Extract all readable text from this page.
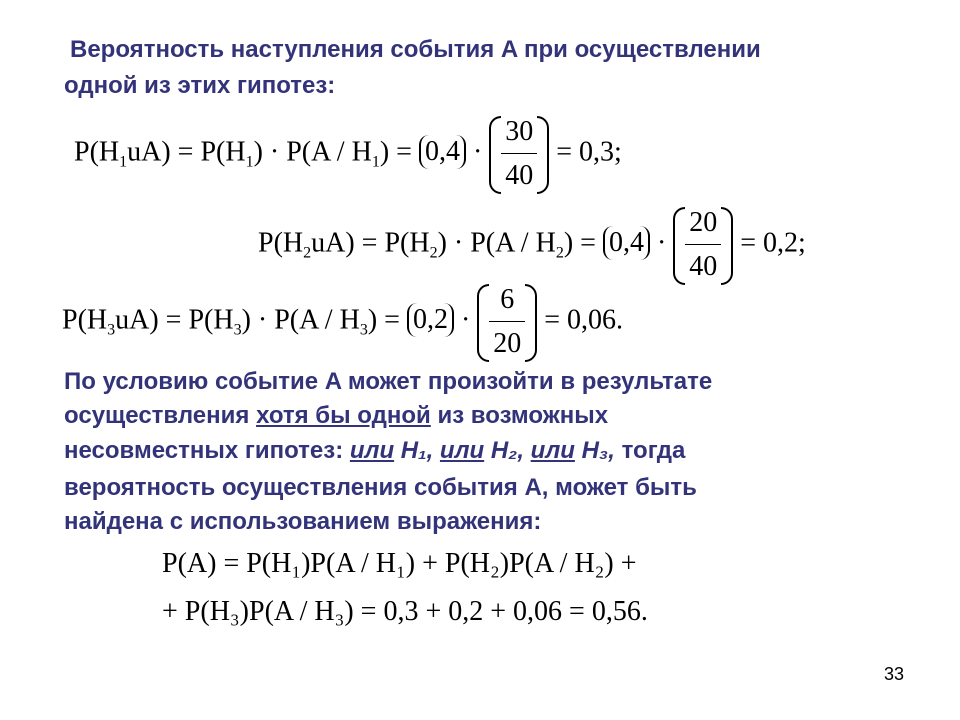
Вероятность наступления события A при осуществлении
одной из этих гипотез:
$P(H_1uA) = P(H_1) \cdot P(A / H_1) = 0,4 \cdot \frac{30}{40} = 0,3$;
$P(H_2uA) = P(H_2) \cdot P(A / H_2) = 0,4 \cdot \frac{20}{40} = 0,2$;
$P(H_3uA) = P(H_3) \cdot P(A / H_3) = 0,2 \cdot \frac{6}{20} = 0,06$.
По условию событие A может произойти в результате
осуществления хотя бы одной из возможных
несовместных гипотез: или H₁, или H₂, или H₃, тогда
вероятность осуществления события A, может быть
найдена с использованием выражения:
P(A) = P(H₁)P(A / H₁) + P(H₂)P(A / H₂) +
+ P(H₃)P(A / H₃) = 0,3 + 0,2 + 0,06 = 0,56.
33
